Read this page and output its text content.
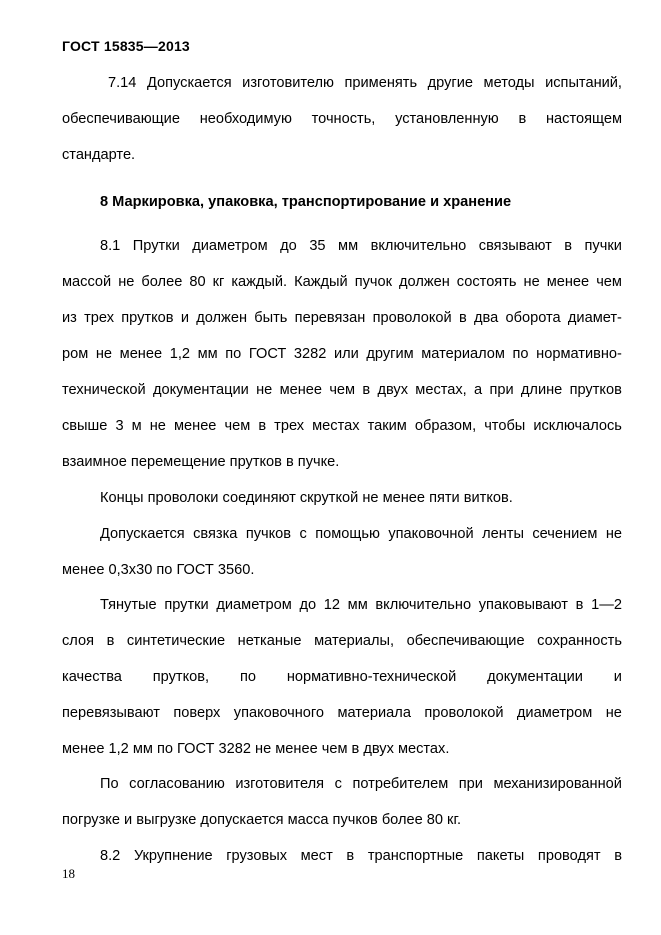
ГОСТ 15835—2013
7.14 Допускается изготовителю применять другие методы испытаний,
обеспечивающие необходимую точность, установленную в настоящем
стандарте.
8 Маркировка, упаковка, транспортирование и хранение
8.1 Прутки диаметром до 35 мм включительно связывают в пучки
массой не более 80 кг каждый. Каждый пучок должен состоять не менее чем
из трех прутков и должен быть перевязан проволокой в два оборота диамет-
ром не менее 1,2 мм по ГОСТ 3282 или другим материалом по нормативно-
технической документации не менее чем в двух местах, а при длине прутков
свыше 3 м не менее чем в трех местах таким образом, чтобы исключалось
взаимное перемещение прутков в пучке.
Концы проволоки соединяют скруткой не менее пяти витков.
Допускается связка пучков с помощью упаковочной ленты сечением не
менее 0,3х30 по ГОСТ 3560.
Тянутые прутки диаметром до 12 мм включительно упаковывают в 1—2
слоя в синтетические нетканые материалы, обеспечивающие сохранность
качества прутков, по нормативно-технической документации и
перевязывают поверх упаковочного материала проволокой диаметром не
менее 1,2 мм по ГОСТ 3282 не менее чем в двух местах.
По согласованию изготовителя с потребителем при механизированной
погрузке и выгрузке допускается масса пучков более 80 кг.
8.2 Укрупнение грузовых мест в транспортные пакеты проводят в
18
